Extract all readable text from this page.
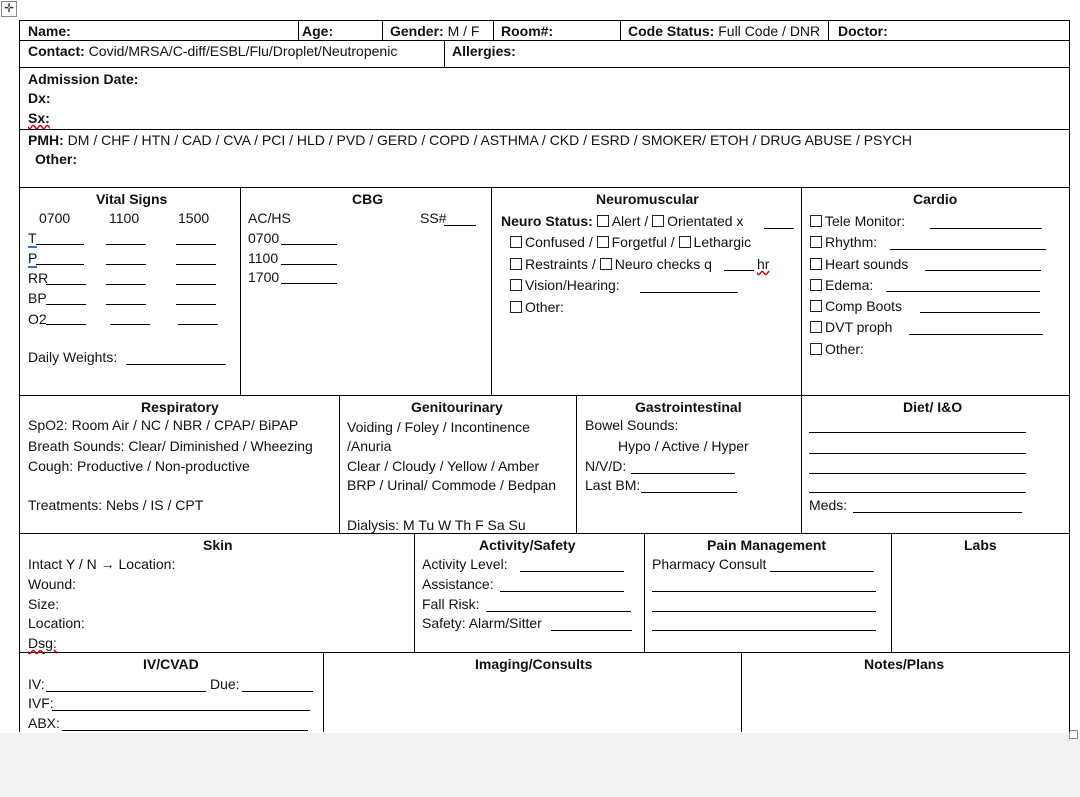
✛
Name:	Age:	Gender: M / F Room#:	Code Status: Full Code / DNR Doctor:
Contact: Covid/MRSA/C-diff/ESBL/Flu/Droplet/Neutropenic	Allergies:
Admission Date:
Dx:
Sx:
PMH: DM / CHF / HTN / CAD / CVA / PCI / HLD / PVD / GERD / COPD / ASTHMA / CKD / ESRD / SMOKER/ ETOH / DRUG ABUSE / PSYCH
Other:
Vital Signs
0700	1100	1500
T
P
RR
BP
O2
Daily Weights:
CBG
AC/HS	SS#
0700
1100
1700
Neuromuscular
Neuro Status: Alert / Orientated x
Confused / Forgetful / Lethargic
Restraints / Neuro checks q	hr
Vision/Hearing:
Other:
Cardio
Tele Monitor:
Rhythm:
Heart sounds
Edema:
Comp Boots
DVT proph
Other:
Respiratory
SpO2: Room Air / NC / NBR / CPAP/ BiPAP
Breath Sounds: Clear/ Diminished / Wheezing
Cough: Productive / Non-productive
Treatments: Nebs / IS / CPT
Genitourinary
Voiding / Foley / Incontinence
/Anuria
Clear / Cloudy / Yellow / Amber
BRP / Urinal/ Commode / Bedpan
Dialysis: M Tu W Th F Sa Su
Gastrointestinal
Bowel Sounds:
Hypo / Active / Hyper
N/V/D:
Last BM:
Diet/ I&O
Meds:
Skin
Intact Y / N → Location:
Wound:
Size:
Location:
Dsg:
Activity/Safety
Activity Level:
Assistance:
Fall Risk:
Safety: Alarm/Sitter
Pain Management
Pharmacy Consult
Labs
IV/CVAD
IV:	Due:
IVF:
ABX:
Imaging/Consults	Notes/Plans
